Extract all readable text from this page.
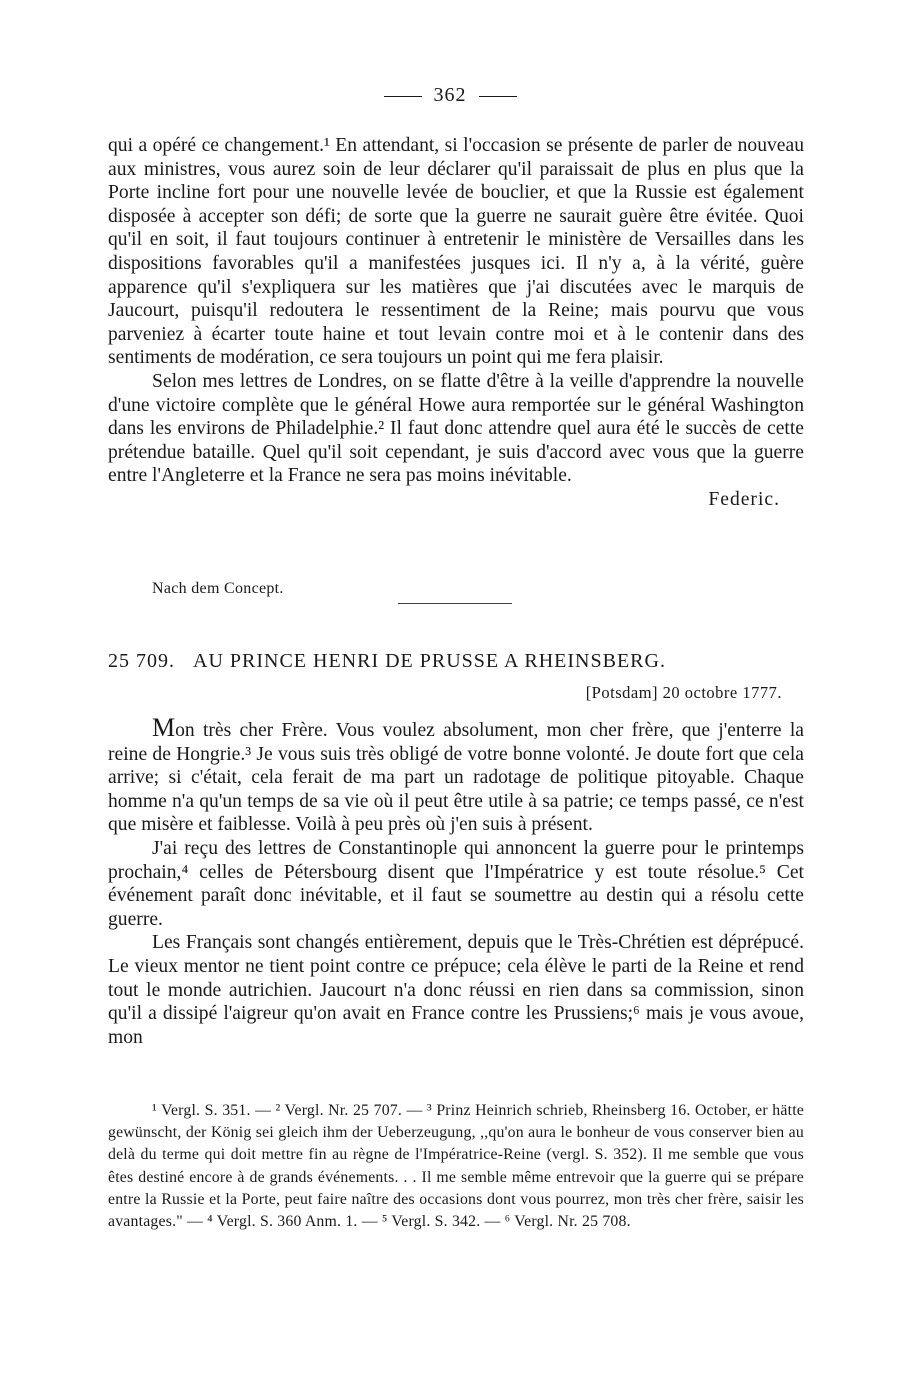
362

qui a opéré ce changement.¹ En attendant, si l'occasion se présente de parler de nouveau aux ministres, vous aurez soin de leur déclarer qu'il paraissait de plus en plus que la Porte incline fort pour une nouvelle levée de bouclier, et que la Russie est également disposée à accepter son défi; de sorte que la guerre ne saurait guère être évitée. Quoi qu'il en soit, il faut toujours continuer à entretenir le ministère de Versailles dans les dispositions favorables qu'il a manifestées jusques ici. Il n'y a, à la vérité, guère apparence qu'il s'expliquera sur les matières que j'ai discutées avec le marquis de Jaucourt, puisqu'il redoutera le ressentiment de la Reine; mais pourvu que vous parveniez à écarter toute haine et tout levain contre moi et à le contenir dans des sentiments de modération, ce sera toujours un point qui me fera plaisir.

Selon mes lettres de Londres, on se flatte d'être à la veille d'apprendre la nouvelle d'une victoire complète que le général Howe aura remportée sur le général Washington dans les environs de Philadelphie.² Il faut donc attendre quel aura été le succès de cette prétendue bataille. Quel qu'il soit cependant, je suis d'accord avec vous que la guerre entre l'Angleterre et la France ne sera pas moins inévitable.

Federic.

Nach dem Concept.
25 709. AU PRINCE HENRI DE PRUSSE A RHEINSBERG.
[Potsdam] 20 octobre 1777.

Mon très cher Frère. Vous voulez absolument, mon cher frère, que j'enterre la reine de Hongrie.³ Je vous suis très obligé de votre bonne volonté. Je doute fort que cela arrive; si c'était, cela ferait de ma part un radotage de politique pitoyable. Chaque homme n'a qu'un temps de sa vie où il peut être utile à sa patrie; ce temps passé, ce n'est que misère et faiblesse. Voilà à peu près où j'en suis à présent.

J'ai reçu des lettres de Constantinople qui annoncent la guerre pour le printemps prochain,⁴ celles de Pétersbourg disent que l'Impératrice y est toute résolue.⁵ Cet événement paraît donc inévitable, et il faut se soumettre au destin qui a résolu cette guerre.

Les Français sont changés entièrement, depuis que le Très-Chrétien est déprépucé. Le vieux mentor ne tient point contre ce prépuce; cela élève le parti de la Reine et rend tout le monde autrichien. Jaucourt n'a donc réussi en rien dans sa commission, sinon qu'il a dissipé l'aigreur qu'on avait en France contre les Prussiens;⁶ mais je vous avoue, mon

¹ Vergl. S. 351. — ² Vergl. Nr. 25 707. — ³ Prinz Heinrich schrieb, Rheinsberg 16. October, er hätte gewünscht, der König sei gleich ihm der Ueberzeugung, ,,qu'on aura le bonheur de vous conserver bien au delà du terme qui doit mettre fin au règne de l'Impératrice-Reine (vergl. S. 352). Il me semble que vous êtes destiné encore à de grands événements. . . Il me semble même entrevoir que la guerre qui se prépare entre la Russie et la Porte, peut faire naître des occasions dont vous pourrez, mon très cher frère, saisir les avantages." — ⁴ Vergl. S. 360 Anm. 1. — ⁵ Vergl. S. 342. — ⁶ Vergl. Nr. 25 708.
